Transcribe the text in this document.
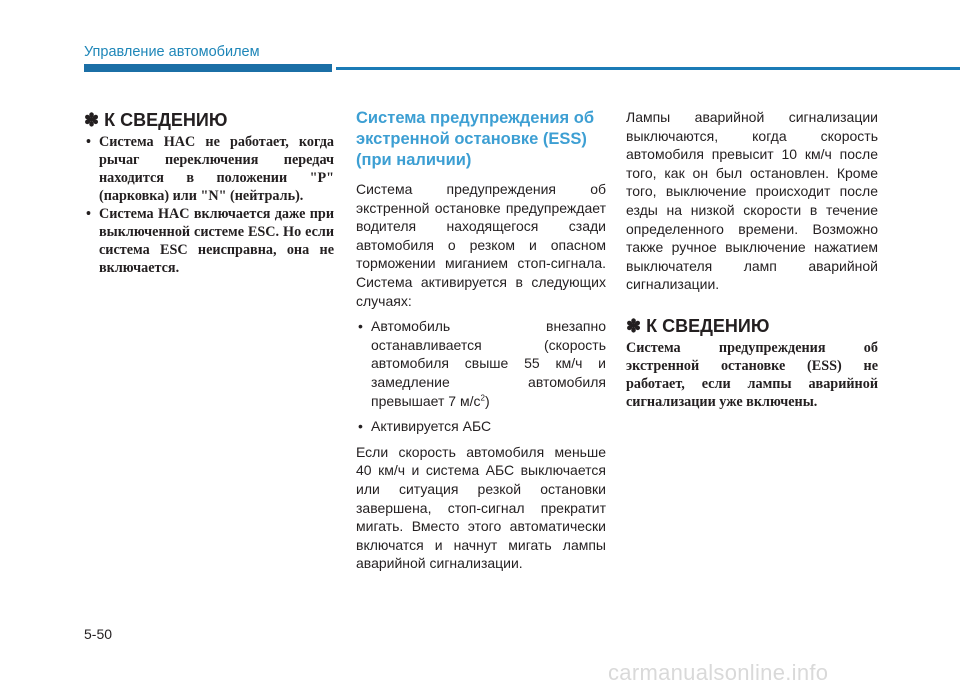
Управление автомобилем
✽ К СВЕДЕНИЮ
• Система HAC не работает, когда рычаг переключения передач находится в положении "P" (парковка) или "N" (нейтраль).
• Система HAC включается даже при выключенной системе ESC. Но если система ESC неисправна, она не включается.
Система предупреждения об экстренной остановке (ESS) (при наличии)

Система предупреждения об экстренной остановке предупреждает водителя находящегося сзади автомобиля о резком и опасном торможении миганием стоп-сигнала. Система активируется в следующих случаях:

• Автомобиль внезапно останавливается (скорость автомобиля свыше 55 км/ч и замедление автомобиля превышает 7 $м/с^2$)
• Активируется АБС

Если скорость автомобиля меньше 40 км/ч и система АБС выключается или ситуация резкой остановки завершена, стоп-сигнал прекратит мигать. Вместо этого автоматически включатся и начнут мигать лампы аварийной сигнализации.

Лампы аварийной сигнализации выключаются, когда скорость автомобиля превысит 10 км/ч после того, как он был остановлен. Кроме того, выключение происходит после езды на низкой скорости в течение определенного времени. Возможно также ручное выключение нажатием выключателя ламп аварийной сигнализации.

✽ К СВЕДЕНИЮ

Система предупреждения об экстренной остановке (ESS) не работает, если лампы аварийной сигнализации уже включены.

5-50
carmanualsonline.info
